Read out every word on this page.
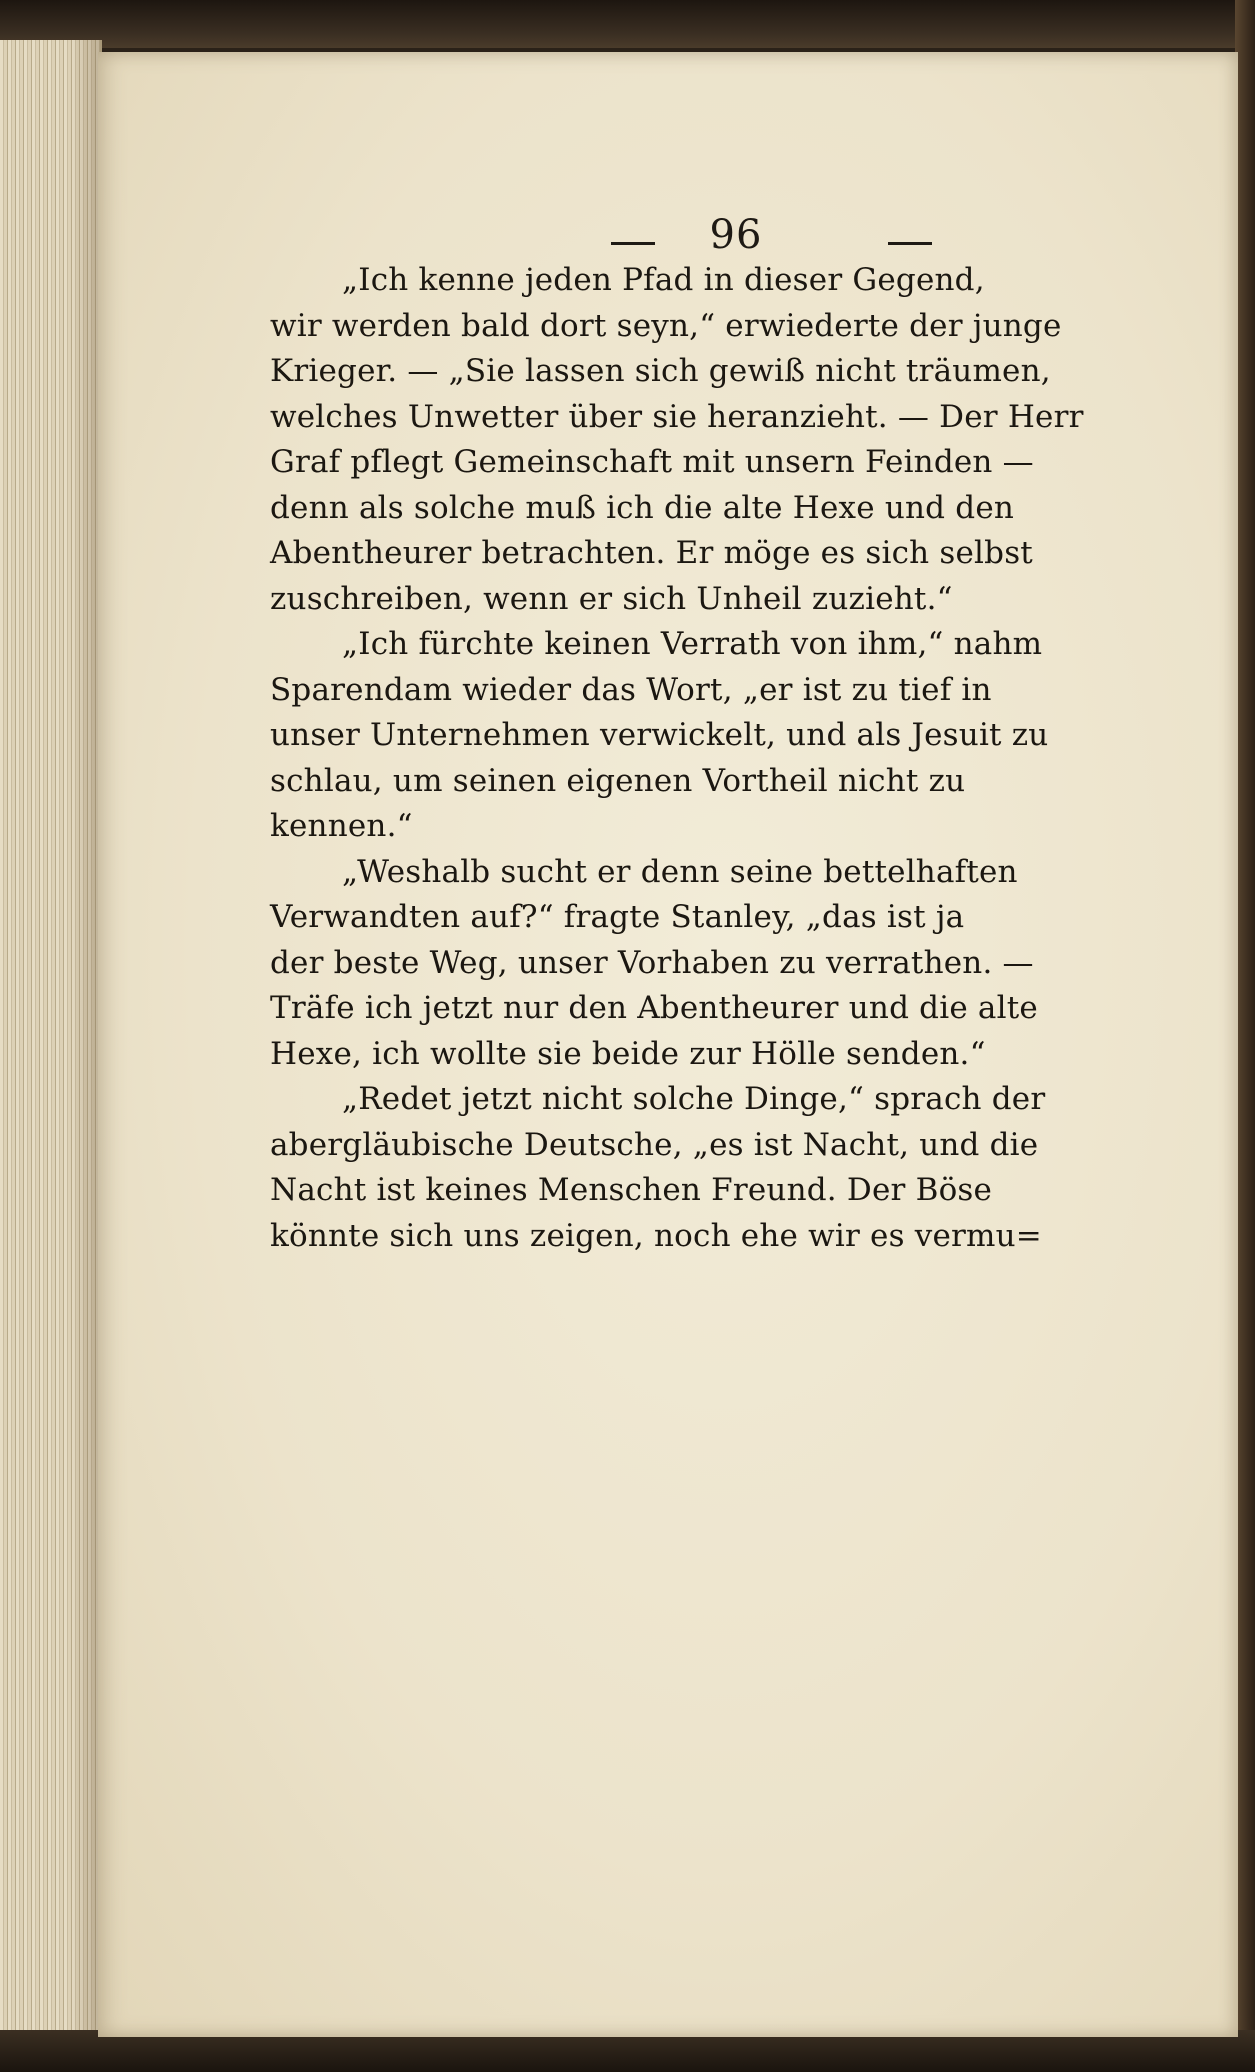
96
„Ich kenne jeden Pfad in dieser Gegend,
wir werden bald dort seyn,“ erwiederte der junge
Krieger. — „Sie lassen sich gewiß nicht träumen,
welches Unwetter über sie heranzieht. — Der Herr
Graf pflegt Gemeinschaft mit unsern Feinden —
denn als solche muß ich die alte Hexe und den
Abentheurer betrachten. Er möge es sich selbst
zuschreiben, wenn er sich Unheil zuzieht.“
„Ich fürchte keinen Verrath von ihm,“ nahm
Sparendam wieder das Wort, „er ist zu tief in
unser Unternehmen verwickelt, und als Jesuit zu
schlau, um seinen eigenen Vortheil nicht zu
kennen.“
„Weshalb sucht er denn seine bettelhaften
Verwandten auf?“ fragte Stanley, „das ist ja
der beste Weg, unser Vorhaben zu verrathen. —
Träfe ich jetzt nur den Abentheurer und die alte
Hexe, ich wollte sie beide zur Hölle senden.“
„Redet jetzt nicht solche Dinge,“ sprach der
abergläubische Deutsche, „es ist Nacht, und die
Nacht ist keines Menschen Freund. Der Böse
könnte sich uns zeigen, noch ehe wir es vermu=
